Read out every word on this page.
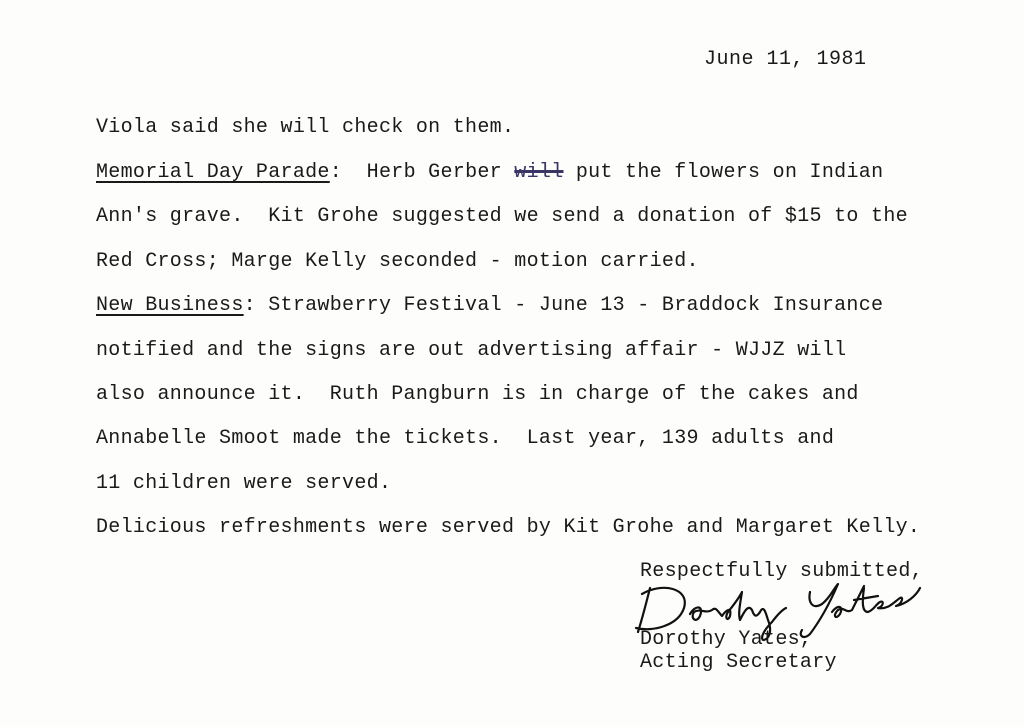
June 11, 1981
Viola said she will check on them.
Memorial Day Parade:  Herb Gerber will put the flowers on Indian
Ann's grave.  Kit Grohe suggested we send a donation of $15 to the
Red Cross; Marge Kelly seconded - motion carried.
New Business: Strawberry Festival - June 13 - Braddock Insurance
notified and the signs are out advertising affair - WJJZ will
also announce it.  Ruth Pangburn is in charge of the cakes and
Annabelle Smoot made the tickets.  Last year, 139 adults and
11 children were served.
Delicious refreshments were served by Kit Grohe and Margaret Kelly.
Respectfully submitted,
Dorothy Yates,
Acting Secretary
